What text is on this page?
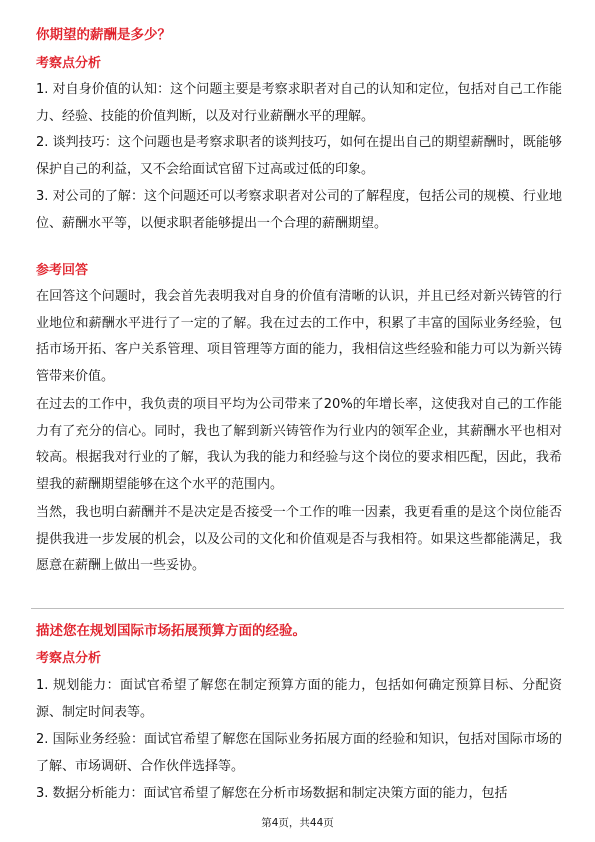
你期望的薪酬是多少？
考察点分析

1. 对自身价值的认知：这个问题主要是考察求职者对自己的认知和定位，包括对自己工作能力、经验、技能的价值判断，以及对行业薪酬水平的理解。

2. 谈判技巧：这个问题也是考察求职者的谈判技巧，如何在提出自己的期望薪酬时，既能够保护自己的利益，又不会给面试官留下过高或过低的印象。

3. 对公司的了解：这个问题还可以考察求职者对公司的了解程度，包括公司的规模、行业地位、薪酬水平等，以便求职者能够提出一个合理的薪酬期望。

参考回答

在回答这个问题时，我会首先表明我对自身的价值有清晰的认识，并且已经对新兴铸管的行业地位和薪酬水平进行了一定的了解。我在过去的工作中，积累了丰富的国际业务经验，包括市场开拓、客户关系管理、项目管理等方面的能力，我相信这些经验和能力可以为新兴铸管带来价值。

在过去的工作中，我负责的项目平均为公司带来了20%的年增长率，这使我对自己的工作能力有了充分的信心。同时，我也了解到新兴铸管作为行业内的领军企业，其薪酬水平也相对较高。根据我对行业的了解，我认为我的能力和经验与这个岗位的要求相匹配，因此，我希望我的薪酬期望能够在这个水平的范围内。

当然，我也明白薪酬并不是决定是否接受一个工作的唯一因素，我更看重的是这个岗位能否提供我进一步发展的机会，以及公司的文化和价值观是否与我相符。如果这些都能满足，我愿意在薪酬上做出一些妥协。

描述您在规划国际市场拓展预算方面的经验。
考察点分析

1. 规划能力：面试官希望了解您在制定预算方面的能力，包括如何确定预算目标、分配资源、制定时间表等。

2. 国际业务经验：面试官希望了解您在国际业务拓展方面的经验和知识，包括对国际市场的了解、市场调研、合作伙伴选择等。

3. 数据分析能力：面试官希望了解您在分析市场数据和制定决策方面的能力，包括

第4页，共44页
